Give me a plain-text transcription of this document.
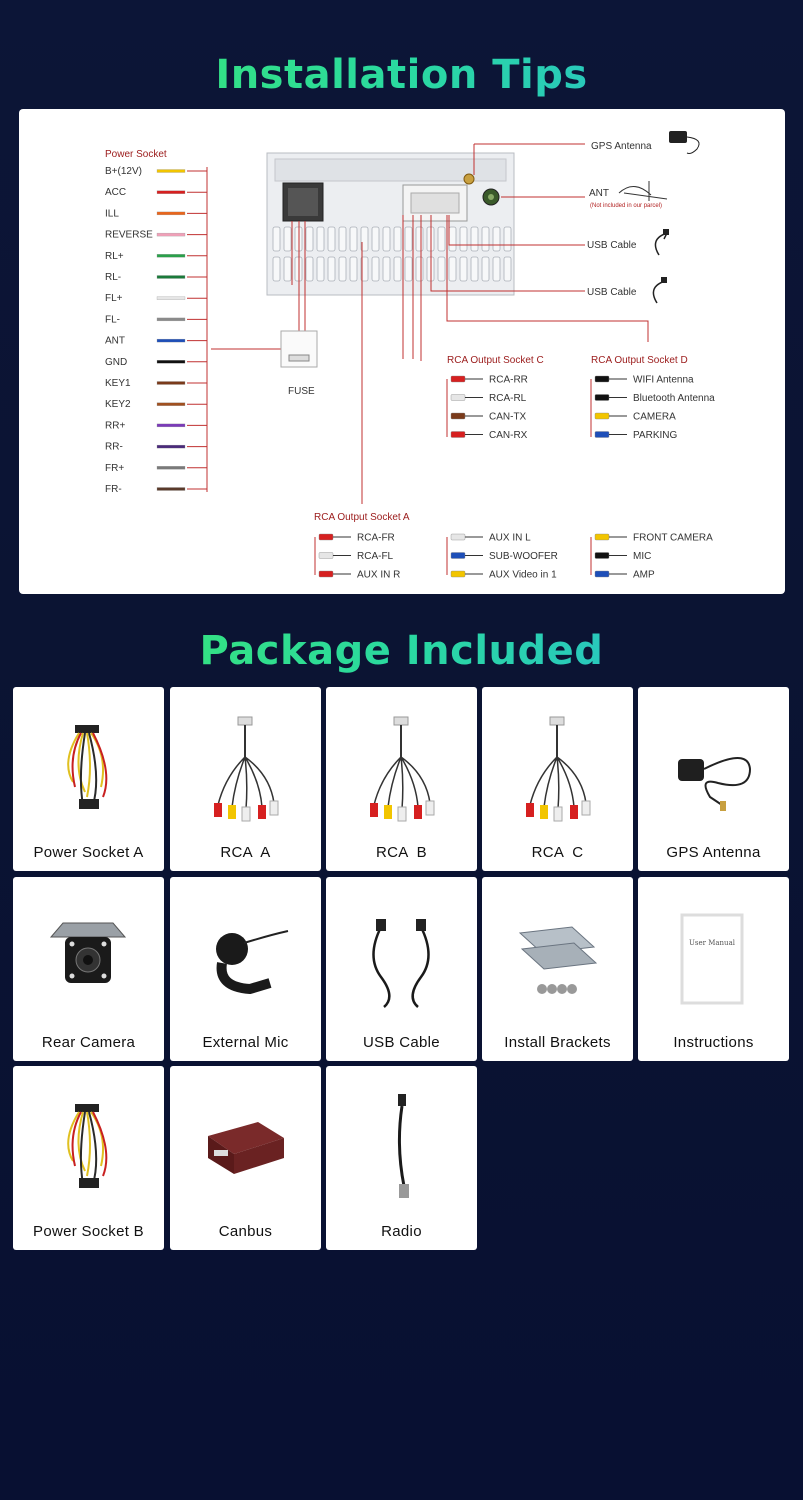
Installation Tips
FUSE
Power Socket
B+(12V)
ACC
ILL
REVERSE
RL+
RL-
FL+
FL-
ANT
GND
KEY1
KEY2
RR+
RR-
FR+
FR-
GPS Antenna
ANT
(Not included in our parcel)
USB Cable
USB Cable
RCA Output Socket C
RCA-RR
RCA-RL
CAN-TX
CAN-RX
RCA Output Socket D
WIFI Antenna
Bluetooth Antenna
CAMERA
PARKING
RCA Output Socket A
RCA-FR
RCA-FL
AUX IN R
AUX IN L
SUB-WOOFER
AUX Video in 1
FRONT CAMERA
MIC
AMP
Package Included
Power Socket A	RCA  A	RCA  B	RCA  C	GPS Antenna
Rear Camera	External Mic	USB Cable	Install Brackets
User Manual
Instructions
Power Socket B	Canbus	Radio
